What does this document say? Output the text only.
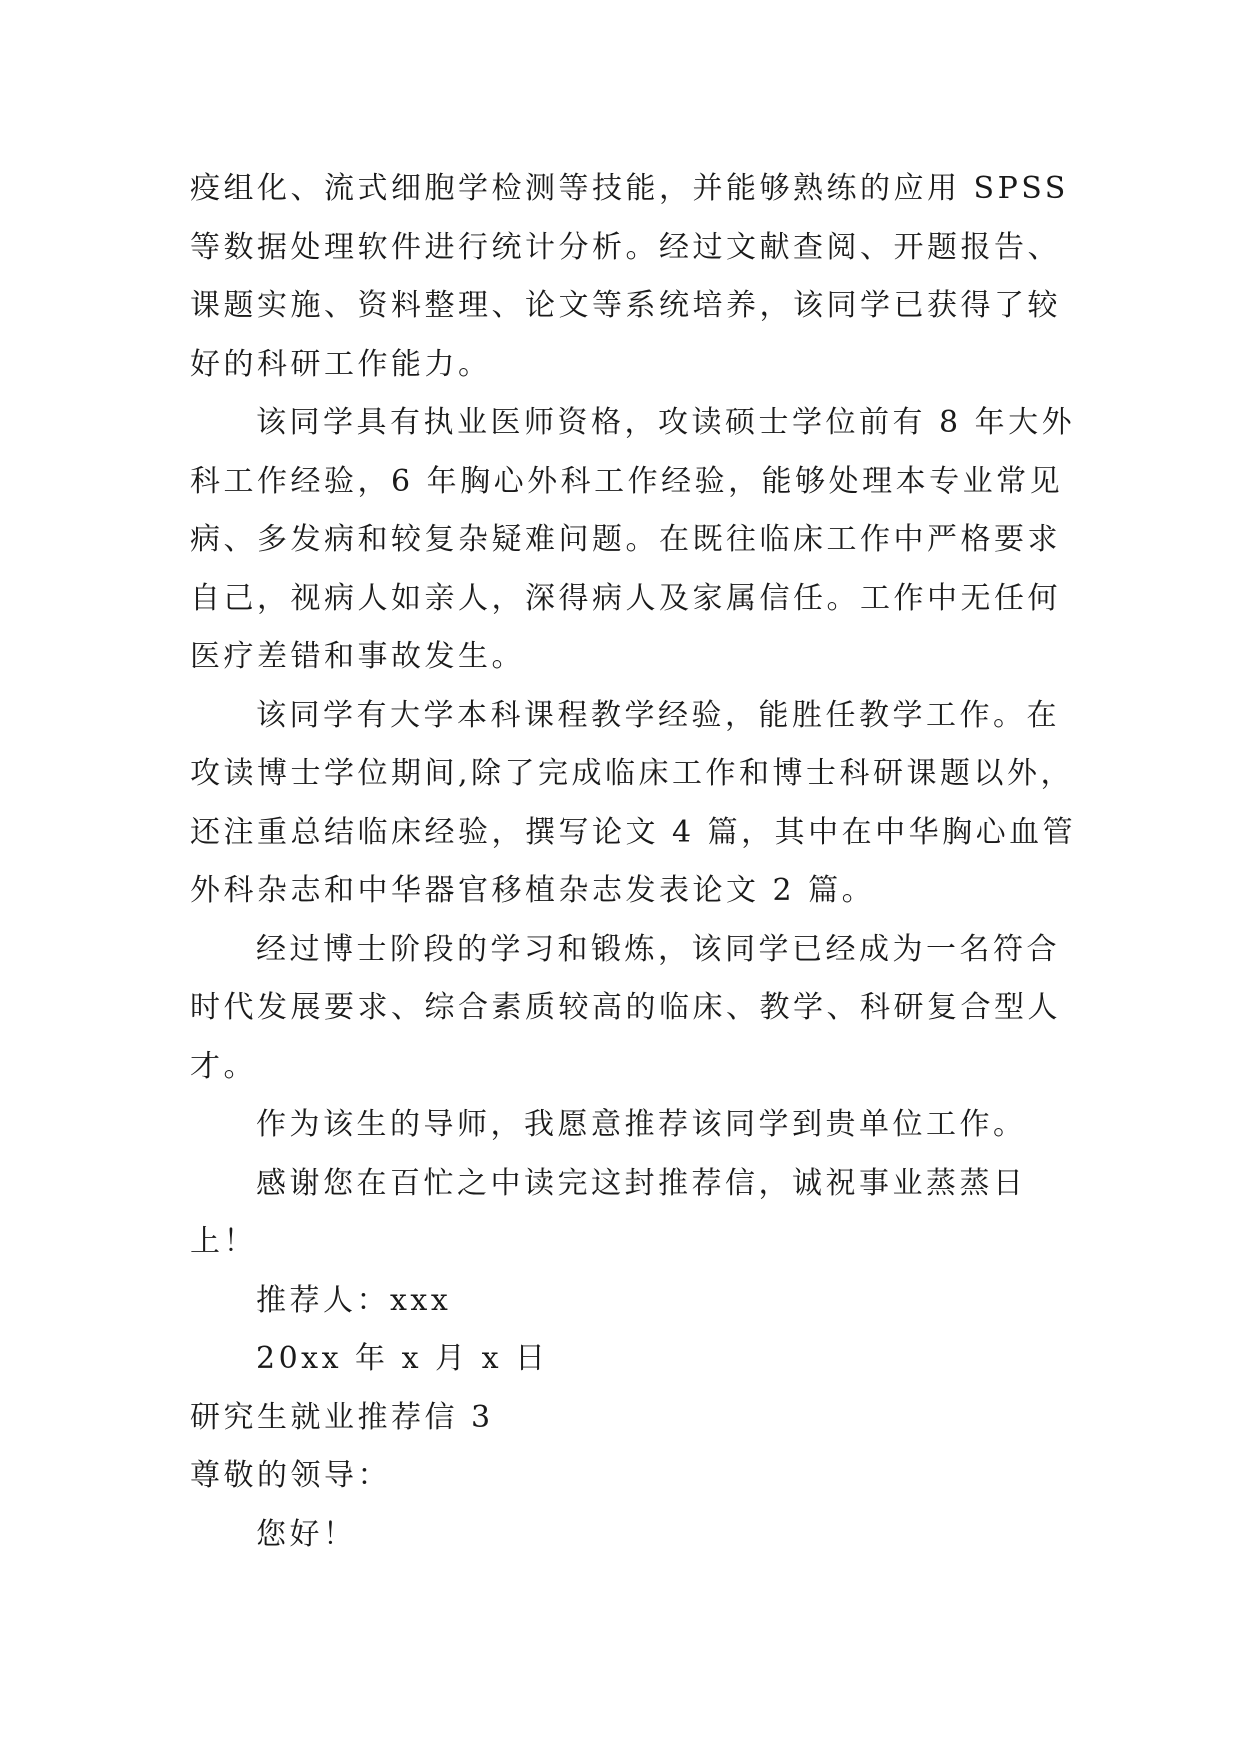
疫组化、流式细胞学检测等技能，并能够熟练的应用 SPSS
等数据处理软件进行统计分析。经过文献查阅、开题报告、
课题实施、资料整理、论文等系统培养，该同学已获得了较
好的科研工作能力。
该同学具有执业医师资格，攻读硕士学位前有 8 年大外
科工作经验，6 年胸心外科工作经验，能够处理本专业常见
病、多发病和较复杂疑难问题。在既往临床工作中严格要求
自己，视病人如亲人，深得病人及家属信任。工作中无任何
医疗差错和事故发生。
该同学有大学本科课程教学经验，能胜任教学工作。在
攻读博士学位期间,除了完成临床工作和博士科研课题以外，
还注重总结临床经验，撰写论文 4 篇，其中在中华胸心血管
外科杂志和中华器官移植杂志发表论文 2 篇。
经过博士阶段的学习和锻炼，该同学已经成为一名符合
时代发展要求、综合素质较高的临床、教学、科研复合型人
才。
作为该生的导师，我愿意推荐该同学到贵单位工作。
感谢您在百忙之中读完这封推荐信，诚祝事业蒸蒸日
上！
推荐人：xxx
20xx 年 x 月 x 日
研究生就业推荐信 3
尊敬的领导：
您好！
